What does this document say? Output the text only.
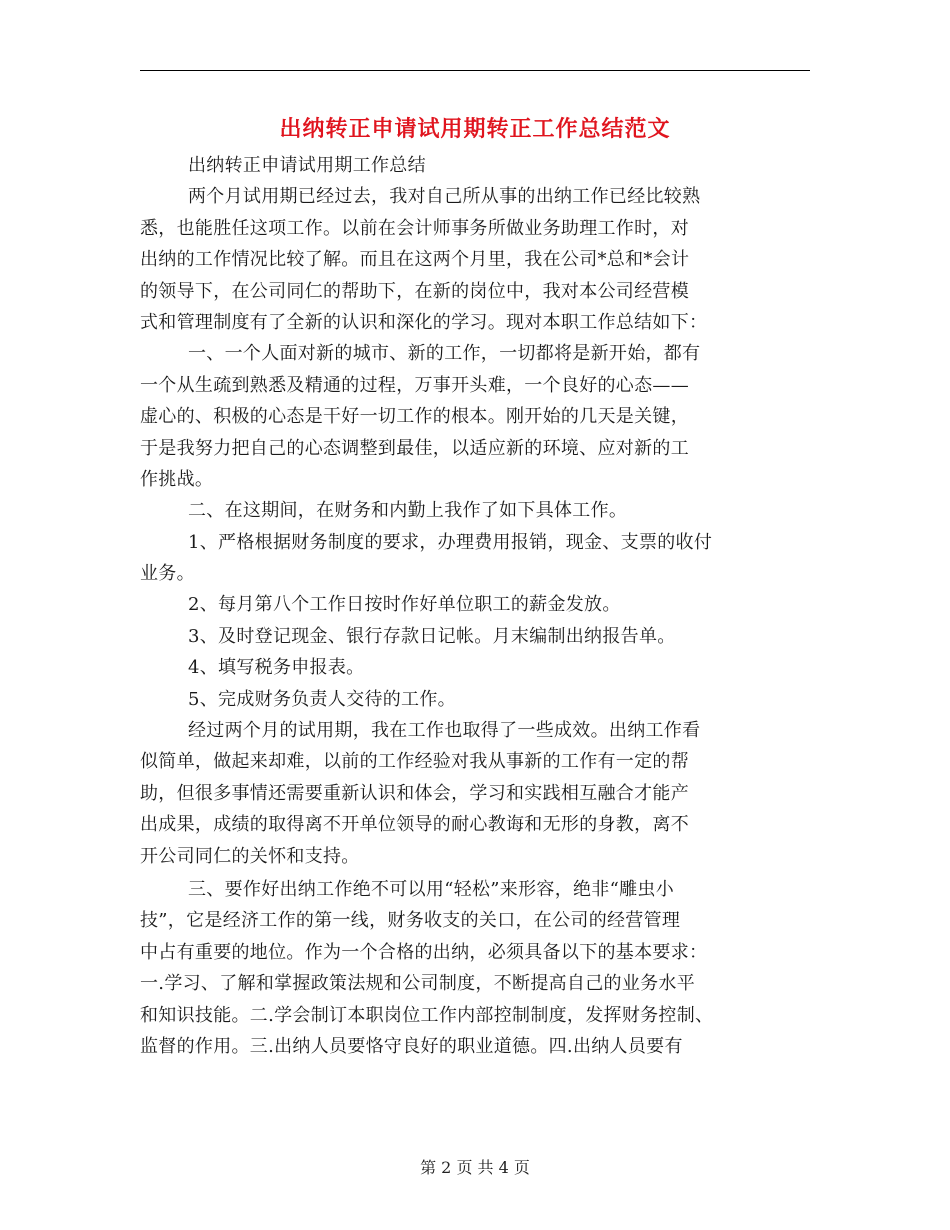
出纳转正申请试用期转正工作总结范文
出纳转正申请试用期工作总结
两个月试用期已经过去，我对自己所从事的出纳工作已经比较熟
悉，也能胜任这项工作。以前在会计师事务所做业务助理工作时，对
出纳的工作情况比较了解。而且在这两个月里，我在公司*总和*会计
的领导下，在公司同仁的帮助下，在新的岗位中，我对本公司经营模
式和管理制度有了全新的认识和深化的学习。现对本职工作总结如下：
一、一个人面对新的城市、新的工作，一切都将是新开始，都有
一个从生疏到熟悉及精通的过程，万事开头难，一个良好的心态——
虚心的、积极的心态是干好一切工作的根本。刚开始的几天是关键，
于是我努力把自己的心态调整到最佳，以适应新的环境、应对新的工
作挑战。
二、在这期间，在财务和内勤上我作了如下具体工作。
1、严格根据财务制度的要求，办理费用报销，现金、支票的收付
业务。
2、每月第八个工作日按时作好单位职工的薪金发放。
3、及时登记现金、银行存款日记帐。月末编制出纳报告单。
4、填写税务申报表。
5、完成财务负责人交待的工作。
经过两个月的试用期，我在工作也取得了一些成效。出纳工作看
似简单，做起来却难，以前的工作经验对我从事新的工作有一定的帮
助，但很多事情还需要重新认识和体会，学习和实践相互融合才能产
出成果，成绩的取得离不开单位领导的耐心教诲和无形的身教，离不
开公司同仁的关怀和支持。
三、要作好出纳工作绝不可以用“轻松”来形容，绝非“雕虫小
技”，它是经济工作的第一线，财务收支的关口，在公司的经营管理
中占有重要的地位。作为一个合格的出纳，必须具备以下的基本要求：
一.学习、了解和掌握政策法规和公司制度，不断提高自己的业务水平
和知识技能。二.学会制订本职岗位工作内部控制制度，发挥财务控制、
监督的作用。三.出纳人员要恪守良好的职业道德。四.出纳人员要有
第 2 页 共 4 页
